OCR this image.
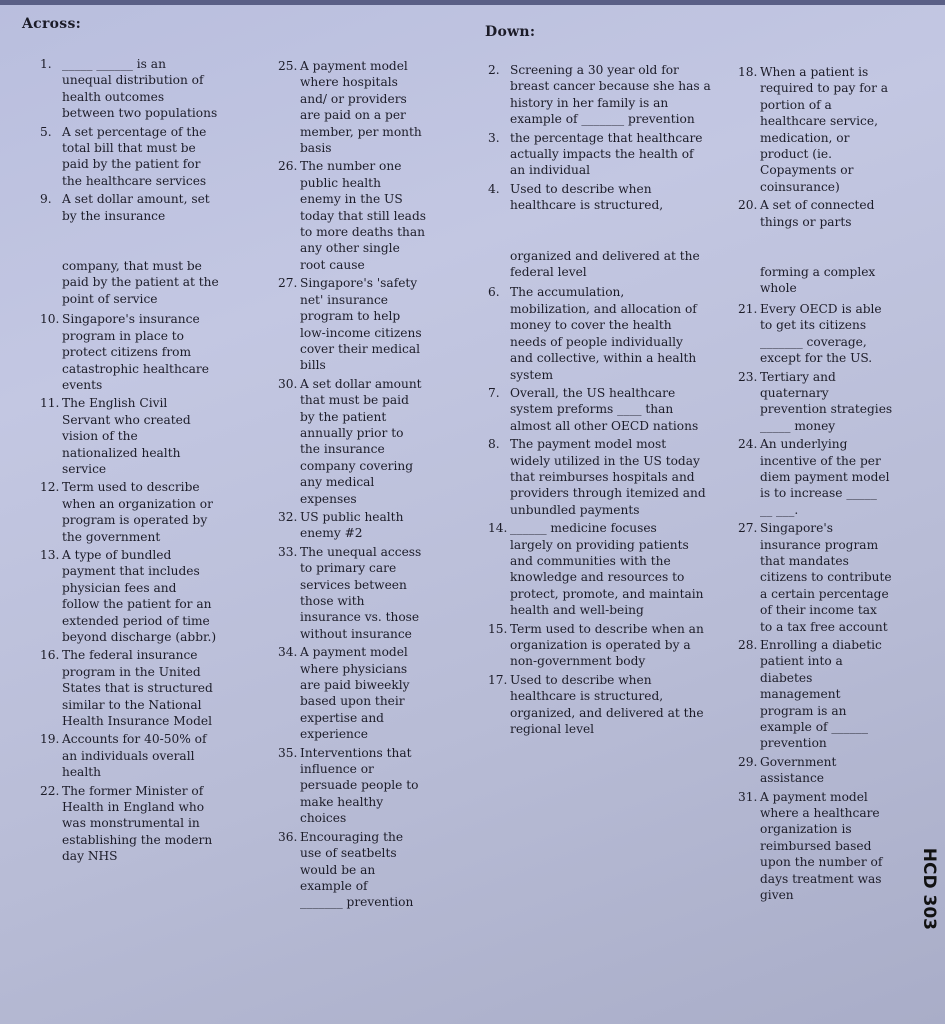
Across:	Down:
1. _____ ______ is an
unequal distribution of
health outcomes
between two populations
5. A set percentage of the
total bill that must be
paid by the patient for
the healthcare services
9. A set dollar amount, set
by the insurance
company, that must be
paid by the patient at the
point of service
10. Singapore's insurance
program in place to
protect citizens from
catastrophic healthcare
events
11. The English Civil
Servant who created
vision of the
nationalized health
service
12. Term used to describe
when an organization or
program is operated by
the government
13. A type of bundled
payment that includes
physician fees and
follow the patient for an
extended period of time
beyond discharge (abbr.)
16. The federal insurance
program in the United
States that is structured
similar to the National
Health Insurance Model
19. Accounts for 40-50% of
an individuals overall
health
22. The former Minister of
Health in England who
was monstrumental in
establishing the modern
day NHS
25. A payment model
where hospitals
and/ or providers
are paid on a per
member, per month
basis
26. The number one
public health
enemy in the US
today that still leads
to more deaths than
any other single
root cause
27. Singapore's 'safety
net' insurance
program to help
low-income citizens
cover their medical
bills
30. A set dollar amount
that must be paid
by the patient
annually prior to
the insurance
company covering
any medical
expenses
32. US public health
enemy #2
33. The unequal access
to primary care
services between
those with
insurance vs. those
without insurance
34. A payment model
where physicians
are paid biweekly
based upon their
expertise and
experience
35. Interventions that
influence or
persuade people to
make healthy
choices
36. Encouraging the
use of seatbelts
would be an
example of
_______ prevention
2. Screening a 30 year old for
breast cancer because she has a
history in her family is an
example of _______ prevention
3. the percentage that healthcare
actually impacts the health of
an individual
4. Used to describe when
healthcare is structured,
organized and delivered at the
federal level
6. The accumulation,
mobilization, and allocation of
money to cover the health
needs of people individually
and collective, within a health
system
7. Overall, the US healthcare
system preforms ____ than
almost all other OECD nations
8. The payment model most
widely utilized in the US today
that reimburses hospitals and
providers through itemized and
unbundled payments
14. ______ medicine focuses
largely on providing patients
and communities with the
knowledge and resources to
protect, promote, and maintain
health and well-being
15. Term used to describe when an
organization is operated by a
non-government body
17. Used to describe when
healthcare is structured,
organized, and delivered at the
regional level
18. When a patient is
required to pay for a
portion of a
healthcare service,
medication, or
product (ie.
Copayments or
coinsurance)
20. A set of connected
things or parts
forming a complex
whole
21. Every OECD is able
to get its citizens
_______ coverage,
except for the US.
23. Tertiary and
quaternary
prevention strategies
_____ money
24. An underlying
incentive of the per
diem payment model
is to increase _____
__ ___.
27. Singapore's
insurance program
that mandates
citizens to contribute
a certain percentage
of their income tax
to a tax free account
28. Enrolling a diabetic
patient into a
diabetes
management
program is an
example of ______
prevention
29. Government
assistance
31. A payment model
where a healthcare
organization is
reimbursed based
upon the number of
days treatment was
given	HCD 303
